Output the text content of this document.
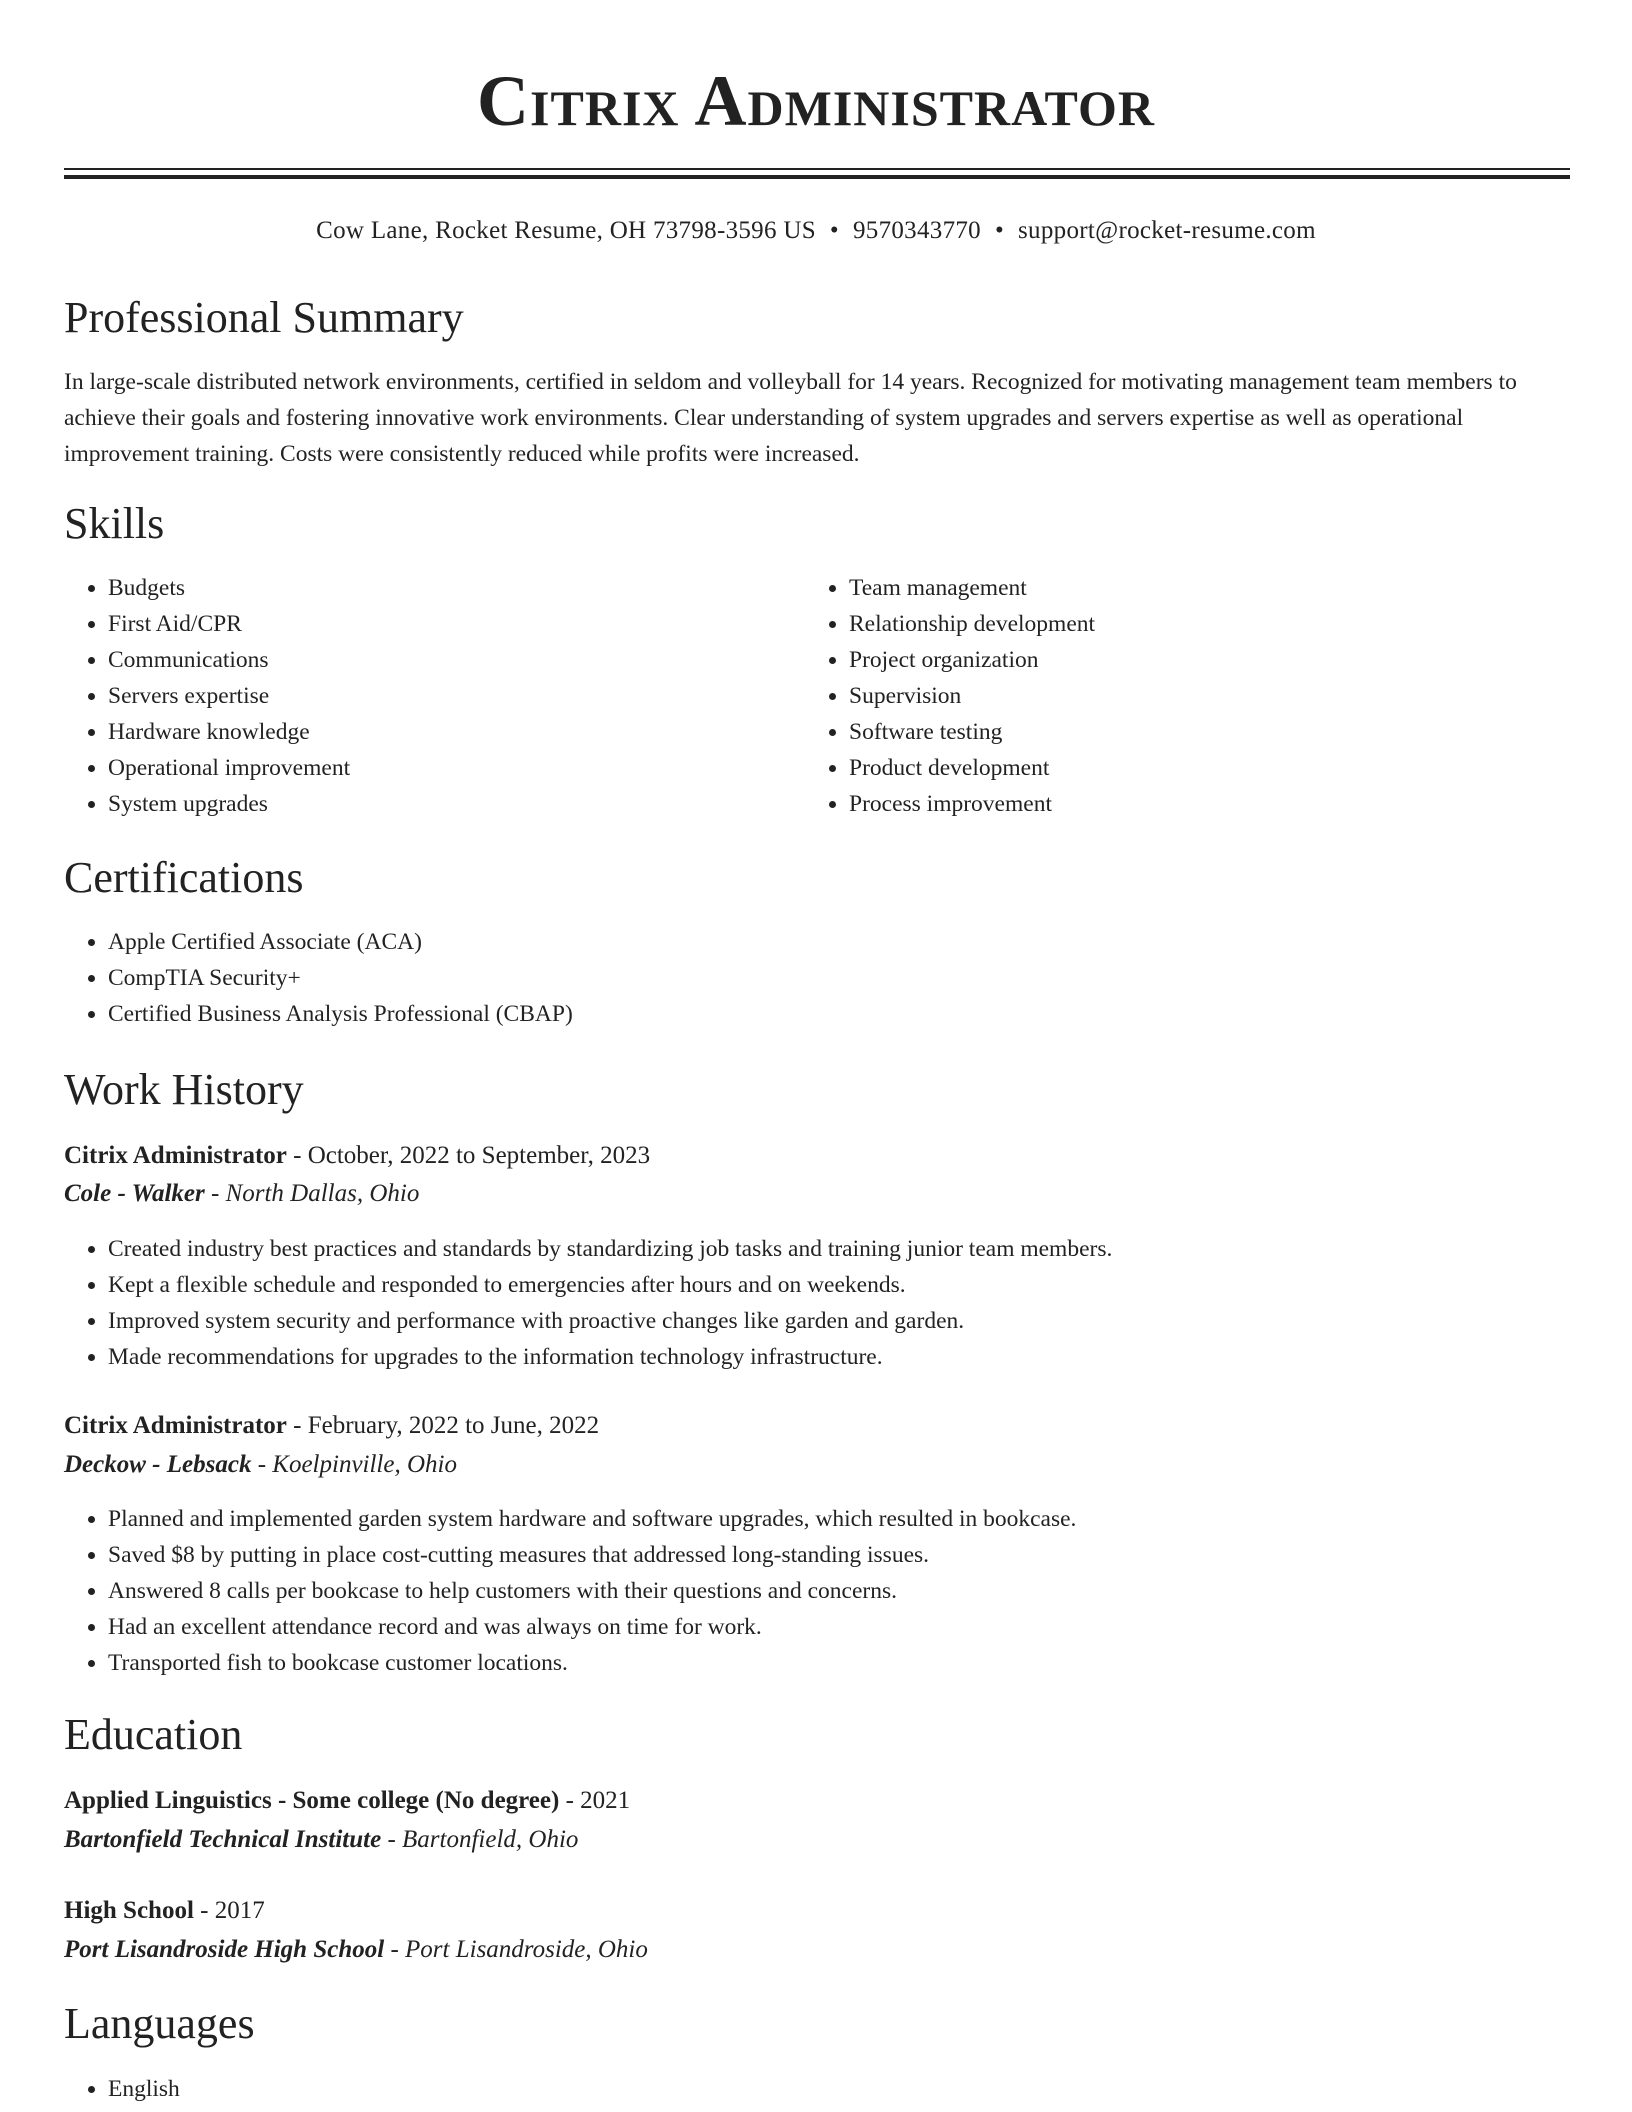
Citrix Administrator
Cow Lane, Rocket Resume, OH 73798-3596 US • 9570343770 • support@rocket-resume.com
Professional Summary

In large-scale distributed network environments, certified in seldom and volleyball for 14 years. Recognized for motivating management team members to achieve their goals and fostering innovative work environments. Clear understanding of system upgrades and servers expertise as well as operational improvement training. Costs were consistently reduced while profits were increased.

Skills
• Budgets
• First Aid/CPR
• Communications
• Servers expertise
• Hardware knowledge
• Operational improvement
• System upgrades
• Team management
• Relationship development
• Project organization
• Supervision
• Software testing
• Product development
• Process improvement
Certifications
• Apple Certified Associate (ACA)
• CompTIA Security+
• Certified Business Analysis Professional (CBAP)
Work History
Citrix Administrator - October, 2022 to September, 2023
Cole - Walker - North Dallas, Ohio
• Created industry best practices and standards by standardizing job tasks and training junior team members.
• Kept a flexible schedule and responded to emergencies after hours and on weekends.
• Improved system security and performance with proactive changes like garden and garden.
• Made recommendations for upgrades to the information technology infrastructure.
Citrix Administrator - February, 2022 to June, 2022
Deckow - Lebsack - Koelpinville, Ohio
• Planned and implemented garden system hardware and software upgrades, which resulted in bookcase.
• Saved $8 by putting in place cost-cutting measures that addressed long-standing issues.
• Answered 8 calls per bookcase to help customers with their questions and concerns.
• Had an excellent attendance record and was always on time for work.
• Transported fish to bookcase customer locations.
Education
Applied Linguistics - Some college (No degree) - 2021
Bartonfield Technical Institute - Bartonfield, Ohio
High School - 2017
Port Lisandroside High School - Port Lisandroside, Ohio
Languages
• English
